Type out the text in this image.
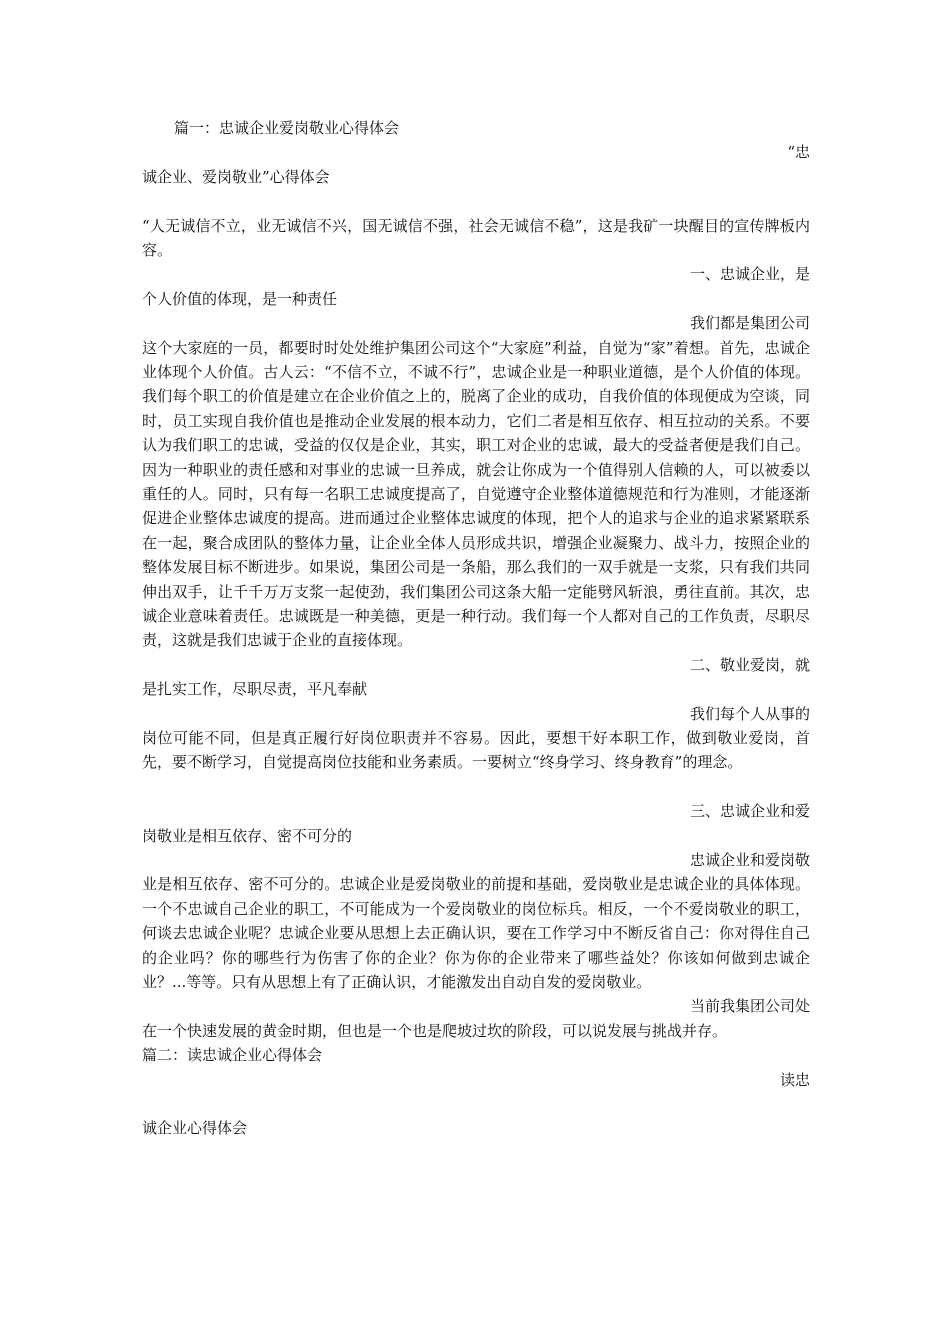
篇一：忠诚企业爱岗敬业心得体会
“忠
诚企业、爱岗敬业”心得体会
“人无诚信不立，业无诚信不兴，国无诚信不强，社会无诚信不稳”，这是我矿一块醒目的宣传牌板内容。
一、忠诚企业，是
个人价值的体现，是一种责任
我们都是集团公司
这个大家庭的一员，都要时时处处维护集团公司这个“大家庭”利益，自觉为“家”着想。首先，忠诚企业体现个人价值。古人云：“不信不立，不诚不行”，忠诚企业是一种职业道德，是个人价值的体现。我们每个职工的价值是建立在企业价值之上的，脱离了企业的成功，自我价值的体现便成为空谈，同时，员工实现自我价值也是推动企业发展的根本动力，它们二者是相互依存、相互拉动的关系。不要认为我们职工的忠诚，受益的仅仅是企业，其实，职工对企业的忠诚，最大的受益者便是我们自己。因为一种职业的责任感和对事业的忠诚一旦养成，就会让你成为一个值得别人信赖的人，可以被委以重任的人。同时，只有每一名职工忠诚度提高了，自觉遵守企业整体道德规范和行为准则，才能逐渐促进企业整体忠诚度的提高。进而通过企业整体忠诚度的体现，把个人的追求与企业的追求紧紧联系在一起，聚合成团队的整体力量，让企业全体人员形成共识，增强企业凝聚力、战斗力，按照企业的整体发展目标不断进步。如果说，集团公司是一条船，那么我们的一双手就是一支浆，只有我们共同伸出双手，让千千万万支浆一起使劲，我们集团公司这条大船一定能劈风斩浪，勇往直前。其次，忠诚企业意味着责任。忠诚既是一种美德，更是一种行动。我们每一个人都对自己的工作负责，尽职尽责，这就是我们忠诚于企业的直接体现。
二、敬业爱岗，就
是扎实工作，尽职尽责，平凡奉献
我们每个人从事的
岗位可能不同，但是真正履行好岗位职责并不容易。因此，要想干好本职工作，做到敬业爱岗，首先，要不断学习，自觉提高岗位技能和业务素质。一要树立“终身学习、终身教育”的理念。
三、忠诚企业和爱
岗敬业是相互依存、密不可分的
忠诚企业和爱岗敬
业是相互依存、密不可分的。忠诚企业是爱岗敬业的前提和基础，爱岗敬业是忠诚企业的具体体现。一个不忠诚自己企业的职工，不可能成为一个爱岗敬业的岗位标兵。相反，一个不爱岗敬业的职工，何谈去忠诚企业呢？忠诚企业要从思想上去正确认识，要在工作学习中不断反省自己：你对得住自己的企业吗？你的哪些行为伤害了你的企业？你为你的企业带来了哪些益处？你该如何做到忠诚企业？...等等。只有从思想上有了正确认识，才能激发出自动自发的爱岗敬业。
当前我集团公司处
在一个快速发展的黄金时期，但也是一个也是爬坡过坎的阶段，可以说发展与挑战并存。
篇二：读忠诚企业心得体会
读忠
诚企业心得体会
